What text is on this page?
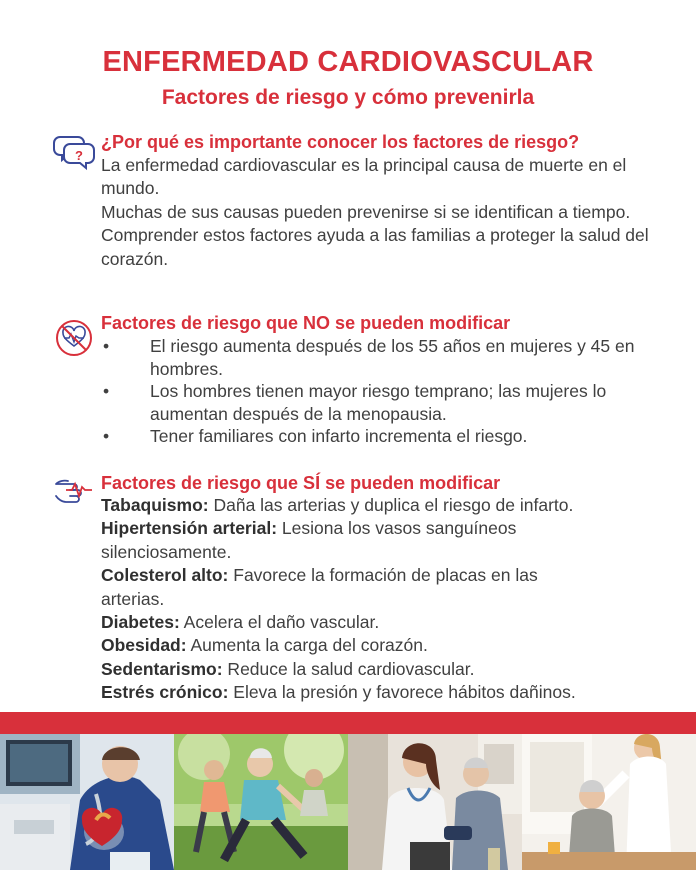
ENFERMEDAD CARDIOVASCULAR
Factores de riesgo y cómo prevenirla
?
¿Por qué es importante conocer los factores de riesgo?
La enfermedad cardiovascular es la principal causa de muerte en el mundo.
Muchas de sus causas pueden prevenirse si se identifican a tiempo.
Comprender estos factores ayuda a las familias a proteger la salud del corazón.
Factores de riesgo que NO se pueden modificar
• El riesgo aumenta después de los 55 años en mujeres y 45 en hombres.
• Los hombres tienen mayor riesgo temprano; las mujeres lo aumentan después de la menopausia.
• Tener familiares con infarto incrementa el riesgo.
Factores de riesgo que SÍ se pueden modificar
Tabaquismo: Daña las arterias y duplica el riesgo de infarto.
Hipertensión arterial: Lesiona los vasos sanguíneos silenciosamente.
Colesterol alto: Favorece la formación de placas en las arterias.
Diabetes: Acelera el daño vascular.
Obesidad: Aumenta la carga del corazón.
Sedentarismo: Reduce la salud cardiovascular.
Estrés crónico: Eleva la presión y favorece hábitos dañinos.
